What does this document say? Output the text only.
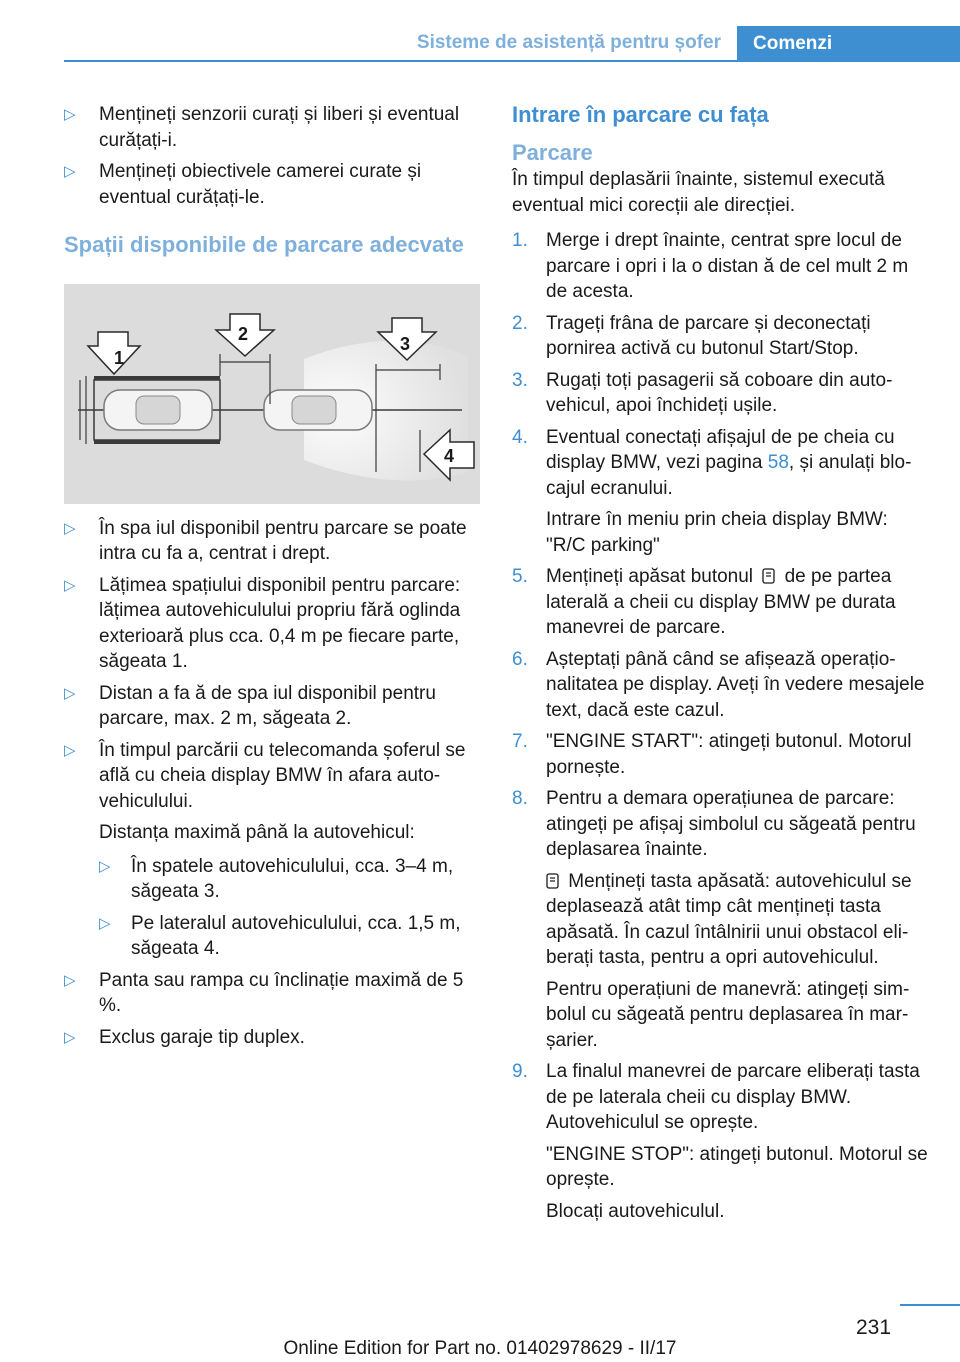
Sisteme de asistență pentru șofer	Comenzi
▷ Mențineți senzorii curați și liberi și eventual curățați-i.
▷ Mențineți obiectivele camerei curate și eventual curățați-le.
Spații disponibile de parcare adecvate
1
2	3
4
▷ În spa iul disponibil pentru parcare se poate intra cu fa a, centrat i drept.
▷ Lățimea spațiului disponibil pentru parcare: lățimea autovehiculului propriu fără oglinda exterioară plus cca. 0,4 m pe fiecare parte, săgeata 1.
▷ Distan a fa ă de spa iul disponibil pentru parcare, max. 2 m, săgeata 2.
▷ În timpul parcării cu telecomanda șoferul se află cu cheia display BMW în afara autovehiculului.

Distanța maximă până la autovehicul:

▷ În spatele autovehiculului, cca. 3–4 m, săgeata 3.
▷ Pe lateralul autovehiculului, cca. 1,5 m, săgeata 4.
▷ Panta sau rampa cu înclinație maximă de 5 %.
▷ Exclus garaje tip duplex.
Intrare în parcare cu fața
Parcare
În timpul deplasării înainte, sistemul execută eventual mici corecții ale direcției.
1. Merge i drept înainte, centrat spre locul de parcare i opri i la o distan ă de cel mult 2 m de acesta.
2. Trageți frâna de parcare și deconectați pornirea activă cu butonul Start/Stop.
3. Rugați toți pasagerii să coboare din autovehicul, apoi închideți ușile.
4. Eventual conectați afișajul de pe cheia cu display BMW, vezi pagina 58, și anulați blocajul ecranului.

Intrare în meniu prin cheia display BMW: "R/C parking"

5. Mențineți apăsat butonul  de pe partea laterală a cheii cu display BMW pe durata manevrei de parcare.
6. Așteptați până când se afișează operaționalitatea pe display. Aveți în vedere mesajele text, dacă este cazul.
7. "ENGINE START": atingeți butonul. Motorul pornește.
8. Pentru a demara operațiunea de parcare: atingeți pe afișaj simbolul cu săgeată pentru deplasarea înainte.

Mențineți tasta apăsată: autovehiculul se deplasează atât timp cât mențineți tasta apăsată. În cazul întâlnirii unui obstacol eliberați tasta, pentru a opri autovehiculul.

Pentru operațiuni de manevră: atingeți simbolul cu săgeată pentru deplasarea în marșarier.

9. La finalul manevrei de parcare eliberați tasta de pe laterala cheii cu display BMW. Autovehiculul se oprește.

"ENGINE STOP": atingeți butonul. Motorul se oprește.

Blocați autovehiculul.

231
Online Edition for Part no. 01402978629 - II/17
